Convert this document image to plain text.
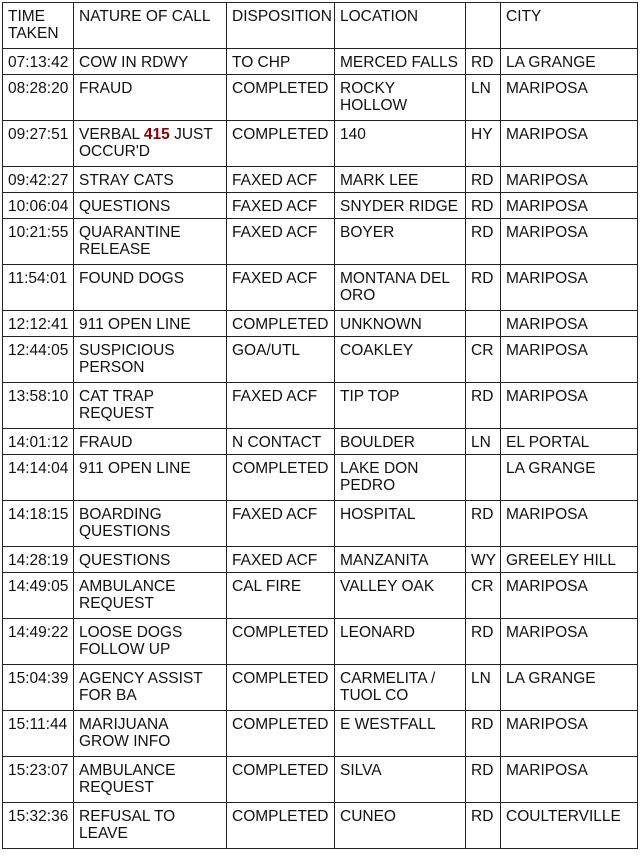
TIME TAKEN	NATURE OF CALL	DISPOSITION	LOCATION		CITY
07:13:42	COW IN RDWY	TO CHP	MERCED FALLS	RD	LA GRANGE
08:28:20	FRAUD	COMPLETED	ROCKY HOLLOW	LN	MARIPOSA
09:27:51	VERBAL 415 JUST OCCUR'D	COMPLETED	140	HY	MARIPOSA
09:42:27	STRAY CATS	FAXED ACF	MARK LEE	RD	MARIPOSA
10:06:04	QUESTIONS	FAXED ACF	SNYDER RIDGE	RD	MARIPOSA
10:21:55	QUARANTINE RELEASE	FAXED ACF	BOYER	RD	MARIPOSA
11:54:01	FOUND DOGS	FAXED ACF	MONTANA DEL ORO	RD	MARIPOSA
12:12:41	911 OPEN LINE	COMPLETED	UNKNOWN		MARIPOSA
12:44:05	SUSPICIOUS PERSON	GOA/UTL	COAKLEY	CR	MARIPOSA
13:58:10	CAT TRAP REQUEST	FAXED ACF	TIP TOP	RD	MARIPOSA
14:01:12	FRAUD	N CONTACT	BOULDER	LN	EL PORTAL
14:14:04	911 OPEN LINE	COMPLETED	LAKE DON PEDRO		LA GRANGE
14:18:15	BOARDING QUESTIONS	FAXED ACF	HOSPITAL	RD	MARIPOSA
14:28:19	QUESTIONS	FAXED ACF	MANZANITA	WY	GREELEY HILL
14:49:05	AMBULANCE REQUEST	CAL FIRE	VALLEY OAK	CR	MARIPOSA
14:49:22	LOOSE DOGS FOLLOW UP	COMPLETED	LEONARD	RD	MARIPOSA
15:04:39	AGENCY ASSIST FOR BA	COMPLETED	CARMELITA / TUOL CO	LN	LA GRANGE
15:11:44	MARIJUANA GROW INFO	COMPLETED	E WESTFALL	RD	MARIPOSA
15:23:07	AMBULANCE REQUEST	COMPLETED	SILVA	RD	MARIPOSA
15:32:36	REFUSAL TO LEAVE	COMPLETED	CUNEO	RD	COULTERVILLE
